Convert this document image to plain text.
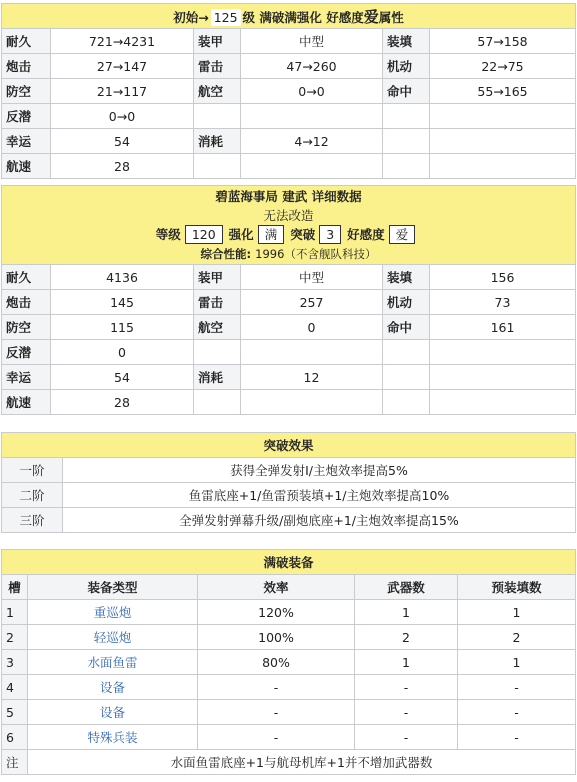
初始→ 125 级 满破满强化 好感度爱属性					
耐久	721→4231	装甲	中型	装填	57→158
炮击	27→147	雷击	47→260	机动	22→75
防空	21→117	航空	0→0	命中	55→165
反潜	0→0				
幸运	54	消耗	4→12		
航速	28				
碧蓝海事局 建武 详细数据
无法改造
等级 120 强化 满 突破 3 好感度 爱
综合性能: 1996（不含舰队科技）					

耐久	4136	装甲	中型	装填	156
炮击	145	雷击	257	机动	73
防空	115	航空	0	命中	161
反潜	0				
幸运	54	消耗	12		
航速	28				
突破效果	
一阶	获得全弹发射I/主炮效率提高5%
二阶	鱼雷底座+1/鱼雷预装填+1/主炮效率提高10%
三阶	全弹发射弹幕升级/副炮底座+1/主炮效率提高15%
满破装备				
槽	装备类型	效率	武器数	预装填数
1	重巡炮	120%	1	1
2	轻巡炮	100%	2	2
3	水面鱼雷	80%	1	1
4	设备	-	-	-
5	设备	-	-	-
6	特殊兵装	-	-	-
注	水面鱼雷底座+1与航母机库+1并不增加武器数			
